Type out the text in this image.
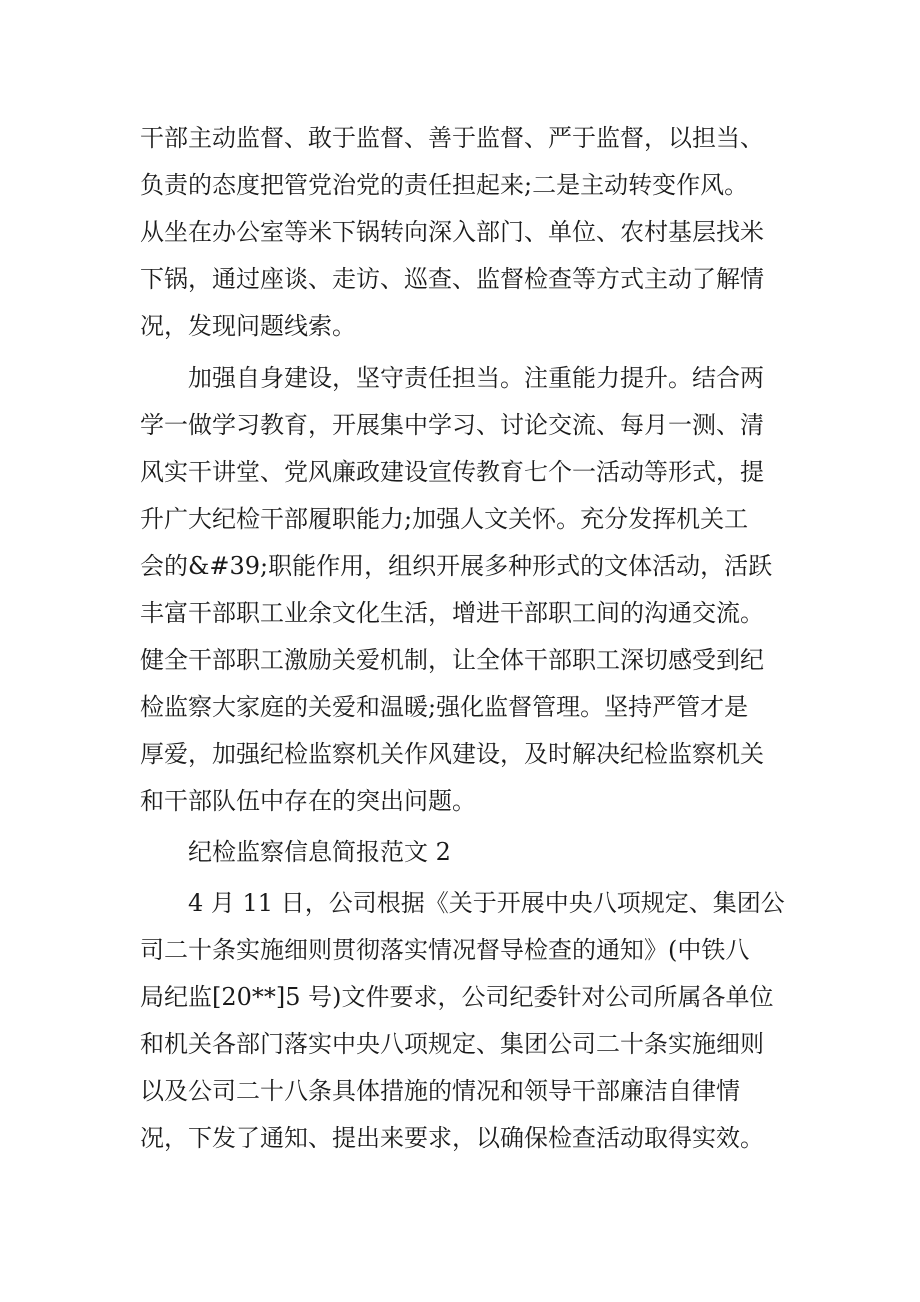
干部主动监督、敢于监督、善于监督、严于监督，以担当、
负责的态度把管党治党的责任担起来;二是主动转变作风。
从坐在办公室等米下锅转向深入部门、单位、农村基层找米
下锅，通过座谈、走访、巡查、监督检查等方式主动了解情
况，发现问题线索。
加强自身建设，坚守责任担当。注重能力提升。结合两
学一做学习教育，开展集中学习、讨论交流、每月一测、清
风实干讲堂、党风廉政建设宣传教育七个一活动等形式，提
升广大纪检干部履职能力;加强人文关怀。充分发挥机关工
会的&#39;职能作用，组织开展多种形式的文体活动，活跃
丰富干部职工业余文化生活，增进干部职工间的沟通交流。
健全干部职工激励关爱机制，让全体干部职工深切感受到纪
检监察大家庭的关爱和温暖;强化监督管理。坚持严管才是
厚爱，加强纪检监察机关作风建设，及时解决纪检监察机关
和干部队伍中存在的突出问题。
纪检监察信息简报范文 2
4 月 11 日，公司根据《关于开展中央八项规定、集团公
司二十条实施细则贯彻落实情况督导检查的通知》(中铁八
局纪监[20**]5 号)文件要求，公司纪委针对公司所属各单位
和机关各部门落实中央八项规定、集团公司二十条实施细则
以及公司二十八条具体措施的情况和领导干部廉洁自律情
况，下发了通知、提出来要求，以确保检查活动取得实效。
